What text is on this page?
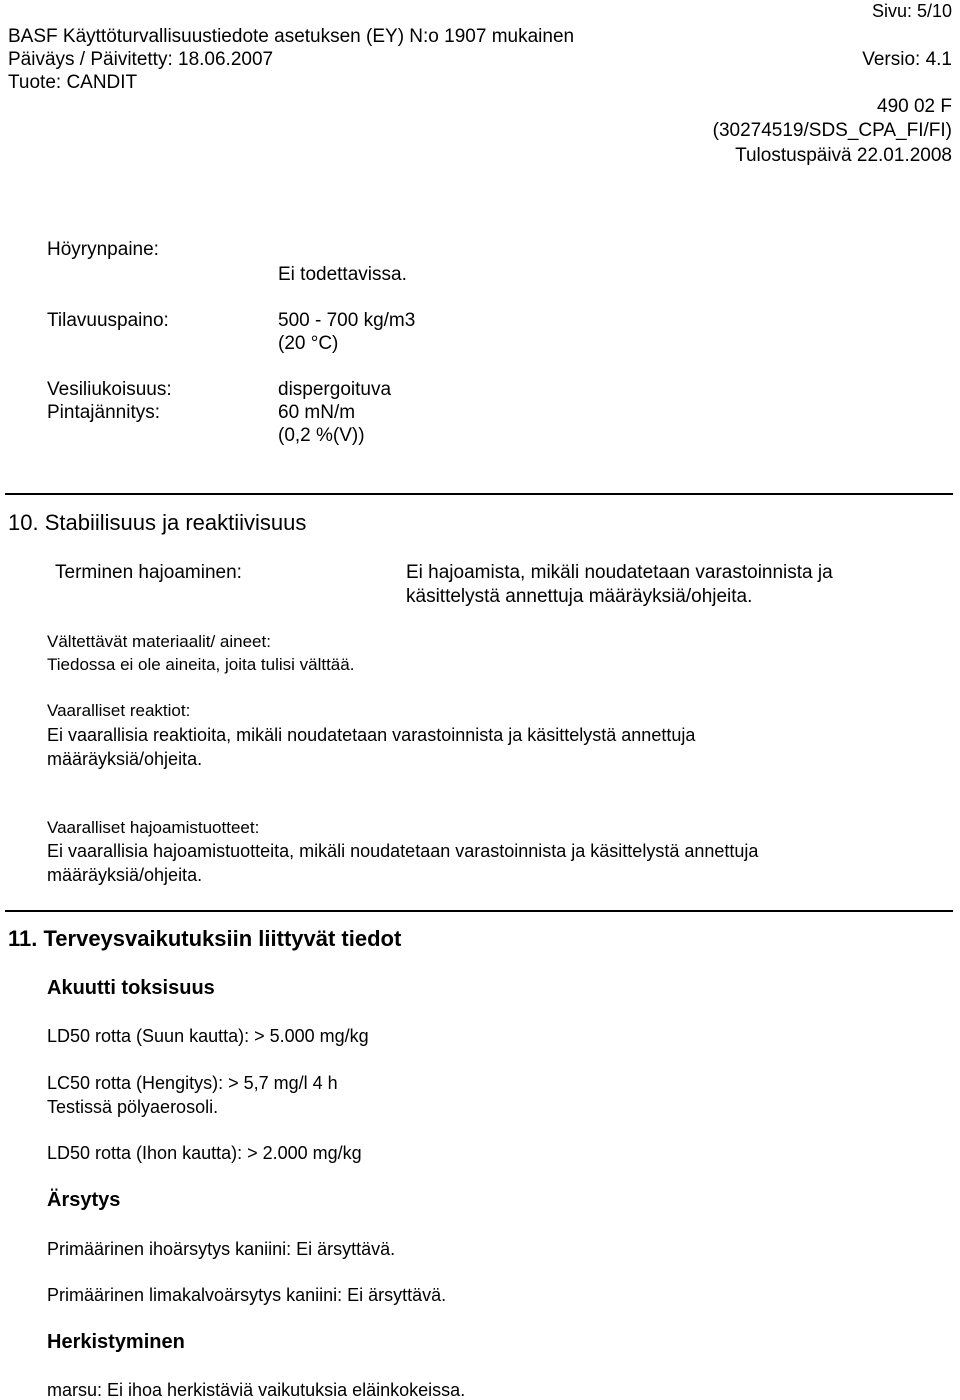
Sivu: 5/10
BASF Käyttöturvallisuustiedote asetuksen (EY) N:o 1907 mukainen
Päiväys / Päivitetty: 18.06.2007	Versio: 4.1
Tuote: CANDIT
490 02 F
(30274519/SDS_CPA_FI/FI)
Tulostuspäivä 22.01.2008
Höyrynpaine:
Ei todettavissa.
Tilavuuspaino:	500 - 700 kg/m3
(20 °C)
Vesiliukoisuus:	dispergoituva
Pintajännitys:	60 mN/m
(0,2 %(V))
10. Stabiilisuus ja reaktiivisuus
Terminen hajoaminen:	Ei hajoamista, mikäli noudatetaan varastoinnista ja
käsittelystä annettuja määräyksiä/ohjeita.
Vältettävät materiaalit/ aineet:
Tiedossa ei ole aineita, joita tulisi välttää.
Vaaralliset reaktiot:
Ei vaarallisia reaktioita, mikäli noudatetaan varastoinnista ja käsittelystä annettuja
määräyksiä/ohjeita.
Vaaralliset hajoamistuotteet:
Ei vaarallisia hajoamistuotteita, mikäli noudatetaan varastoinnista ja käsittelystä annettuja
määräyksiä/ohjeita.
11. Terveysvaikutuksiin liittyvät tiedot
Akuutti toksisuus
LD50 rotta (Suun kautta): > 5.000 mg/kg
LC50 rotta (Hengitys): > 5,7 mg/l 4 h
Testissä pölyaerosoli.
LD50 rotta (Ihon kautta): > 2.000 mg/kg
Ärsytys
Primäärinen ihoärsytys kaniini: Ei ärsyttävä.
Primäärinen limakalvoärsytys kaniini: Ei ärsyttävä.
Herkistyminen
marsu: Ei ihoa herkistäviä vaikutuksia eläinkokeissa.
